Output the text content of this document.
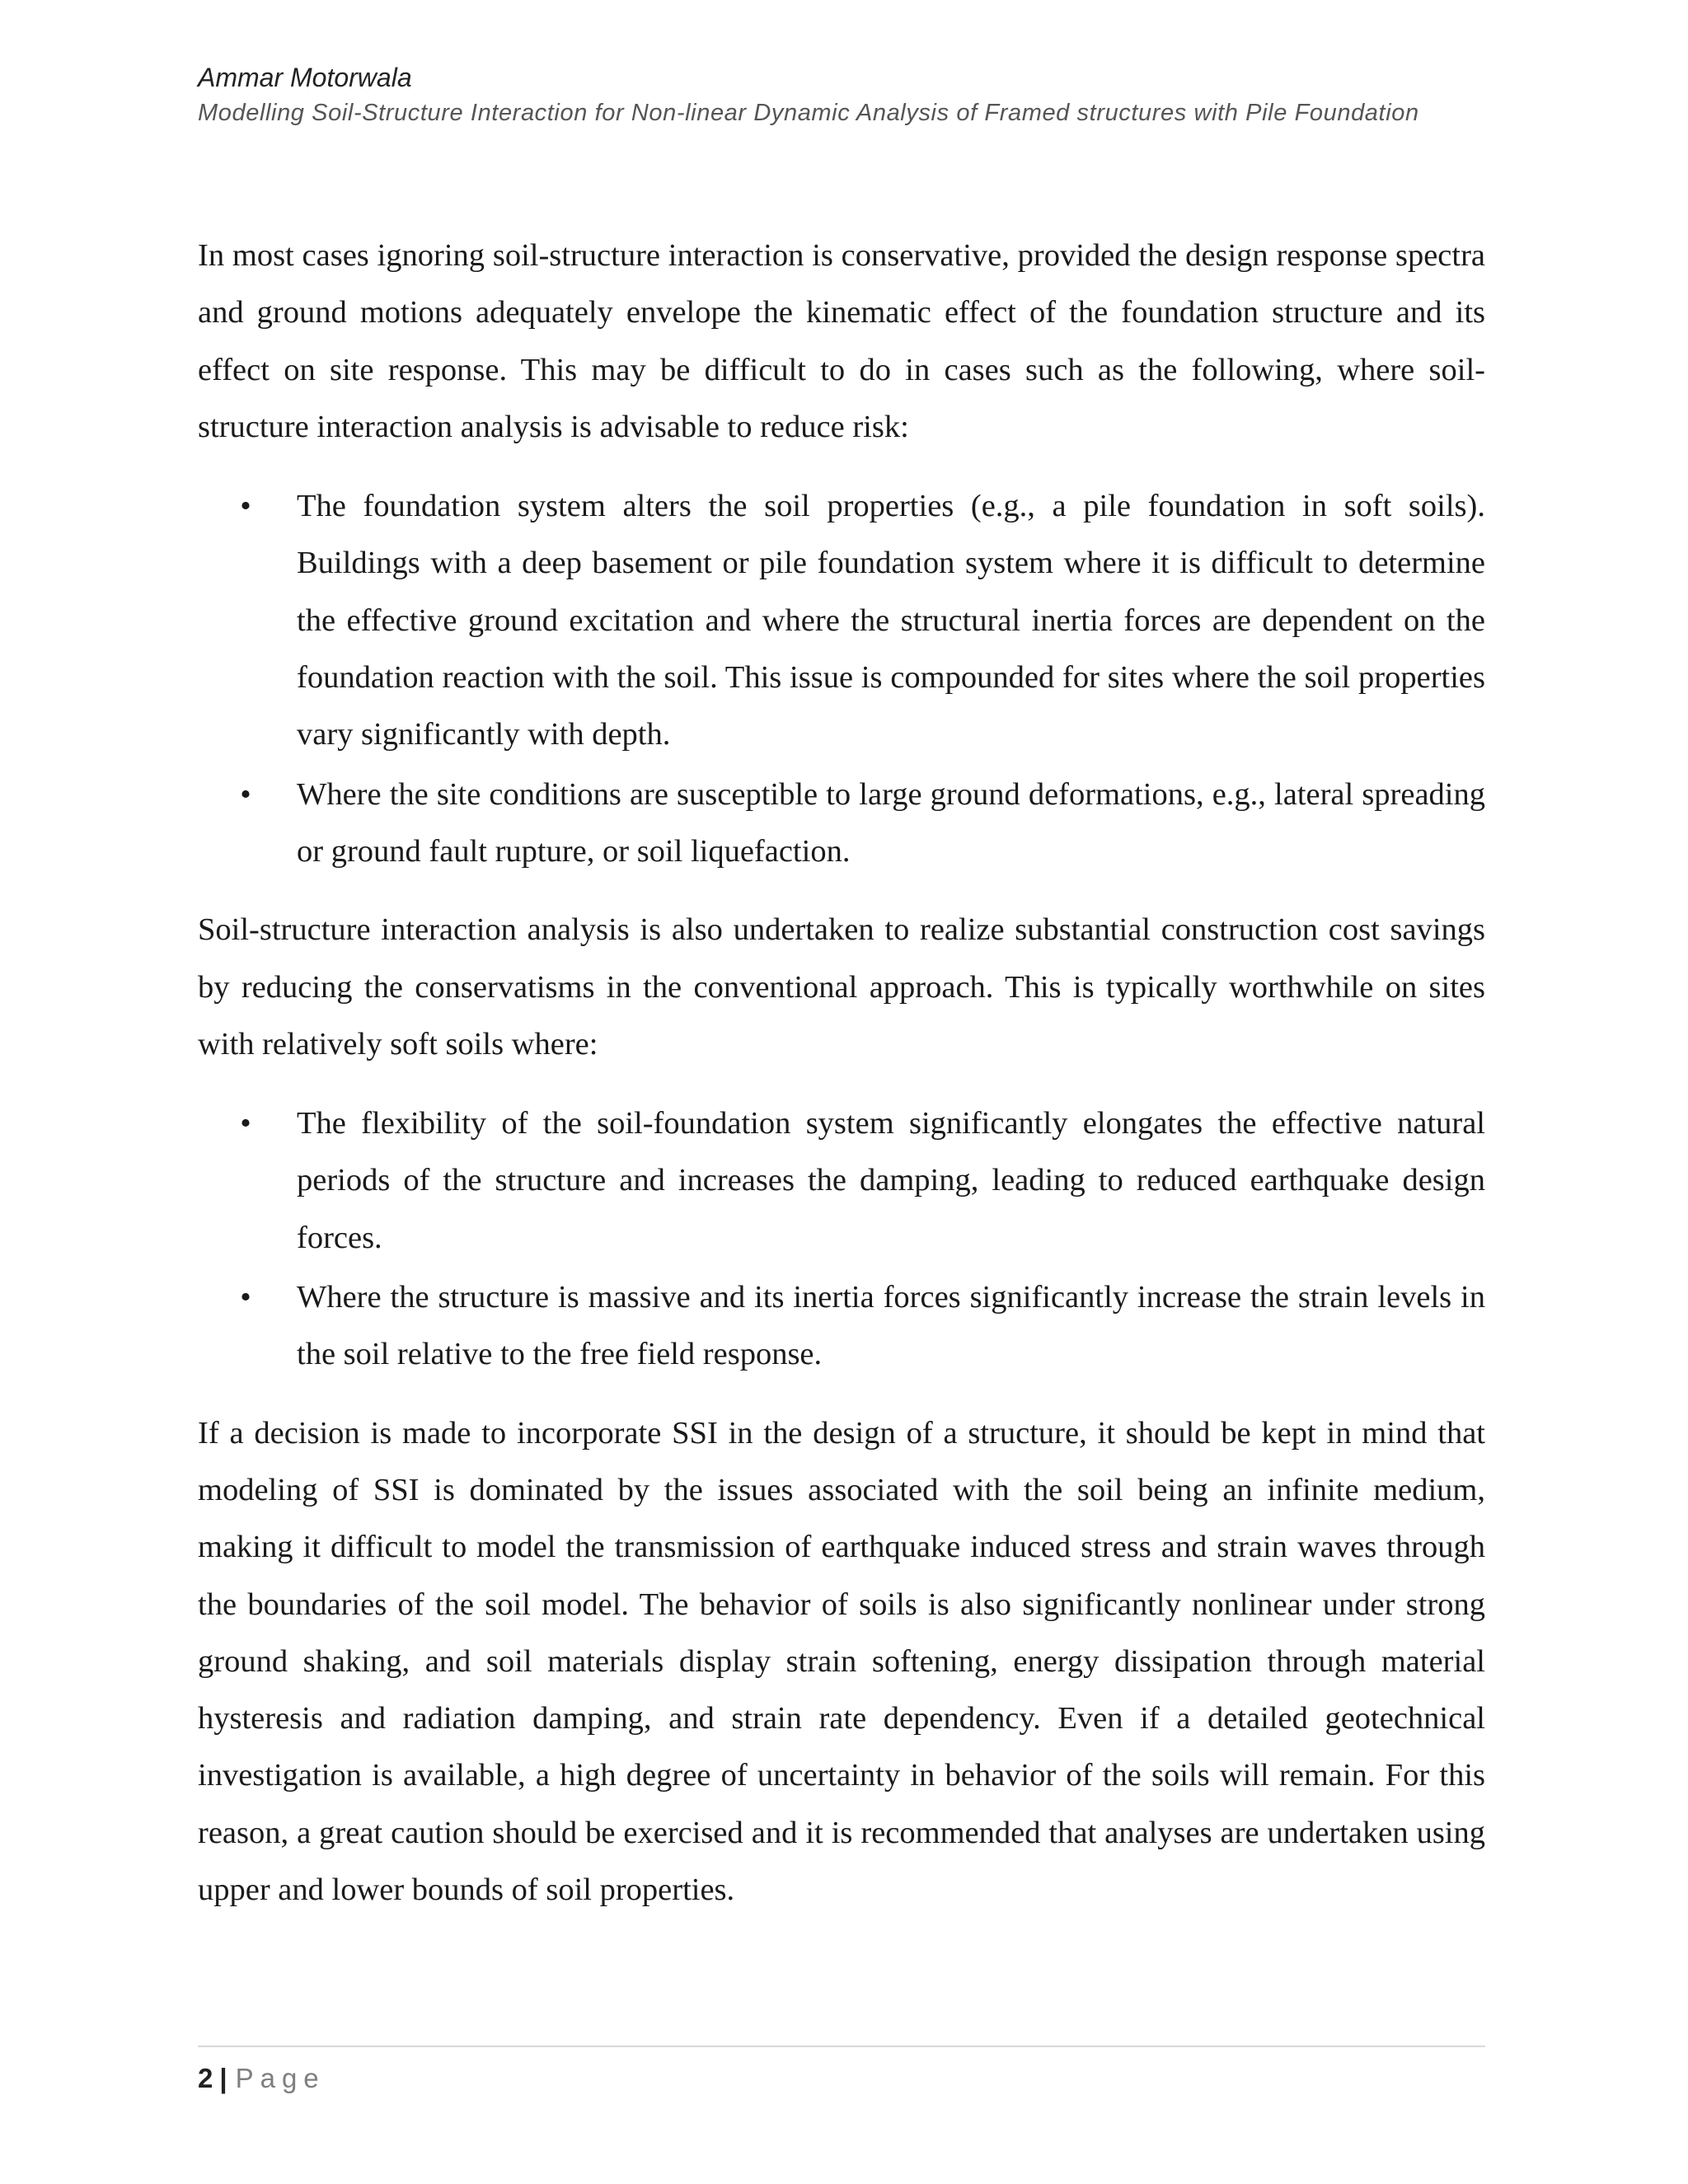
Ammar Motorwala
Modelling Soil-Structure Interaction for Non-linear Dynamic Analysis of Framed structures with Pile Foundation

In most cases ignoring soil-structure interaction is conservative, provided the design response spectra and ground motions adequately envelope the kinematic effect of the foundation structure and its effect on site response. This may be difficult to do in cases such as the following, where soil-structure interaction analysis is advisable to reduce risk:

• The foundation system alters the soil properties (e.g., a pile foundation in soft soils). Buildings with a deep basement or pile foundation system where it is difficult to determine the effective ground excitation and where the structural inertia forces are dependent on the foundation reaction with the soil. This issue is compounded for sites where the soil properties vary significantly with depth.
• Where the site conditions are susceptible to large ground deformations, e.g., lateral spreading or ground fault rupture, or soil liquefaction.

Soil-structure interaction analysis is also undertaken to realize substantial construction cost savings by reducing the conservatisms in the conventional approach. This is typically worthwhile on sites with relatively soft soils where:

• The flexibility of the soil-foundation system significantly elongates the effective natural periods of the structure and increases the damping, leading to reduced earthquake design forces.
• Where the structure is massive and its inertia forces significantly increase the strain levels in the soil relative to the free field response.

If a decision is made to incorporate SSI in the design of a structure, it should be kept in mind that modeling of SSI is dominated by the issues associated with the soil being an infinite medium, making it difficult to model the transmission of earthquake induced stress and strain waves through the boundaries of the soil model. The behavior of soils is also significantly nonlinear under strong ground shaking, and soil materials display strain softening, energy dissipation through material hysteresis and radiation damping, and strain rate dependency. Even if a detailed geotechnical investigation is available, a high degree of uncertainty in behavior of the soils will remain. For this reason, a great caution should be exercised and it is recommended that analyses are undertaken using upper and lower bounds of soil properties.

2 | Page
